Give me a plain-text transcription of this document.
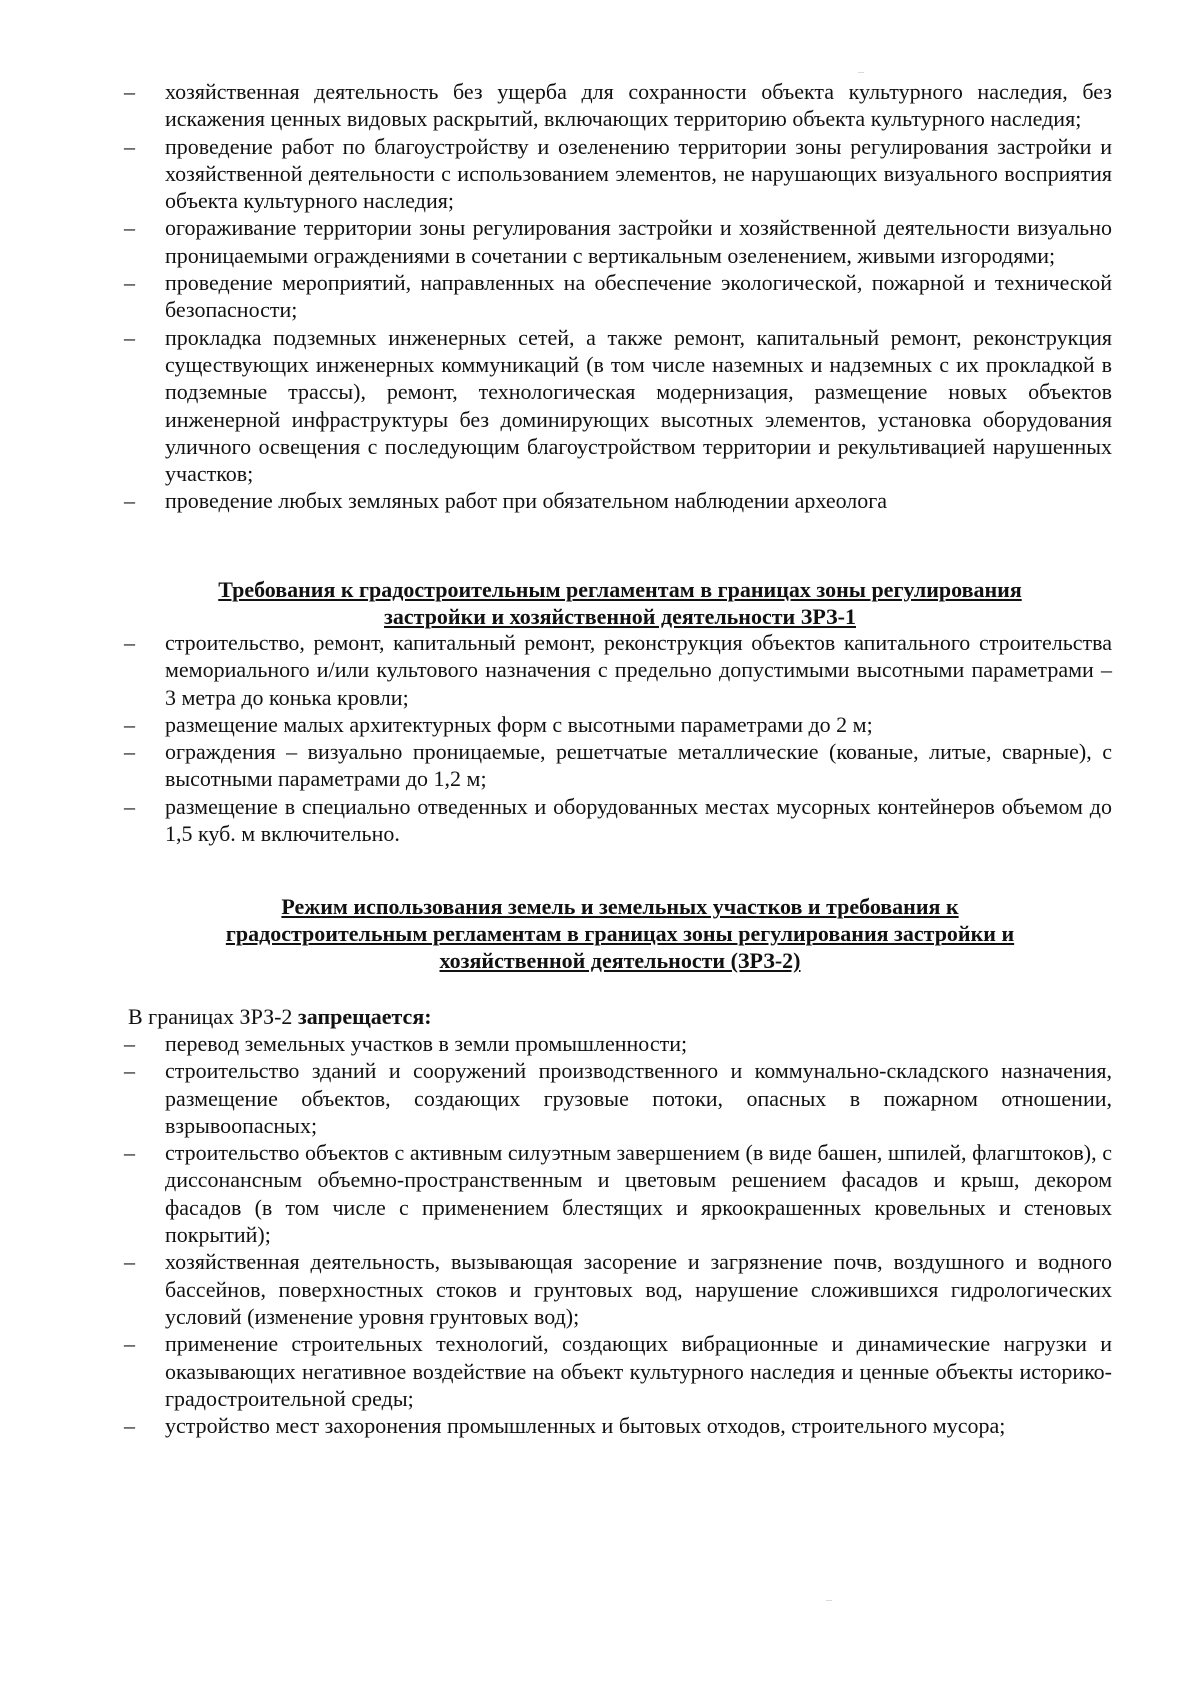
–	хозяйственная деятельность без ущерба для сохранности объекта культурного наследия, без искажения ценных видовых раскрытий, включающих территорию объекта культурного наследия;
–	проведение работ по благоустройству и озеленению территории зоны регулирования застройки и хозяйственной деятельности с использованием элементов, не нарушающих визуального восприятия объекта культурного наследия;
–	огораживание территории зоны регулирования застройки и хозяйственной деятельности визуально проницаемыми ограждениями в сочетании с вертикальным озеленением, живыми изгородями;
–	проведение мероприятий, направленных на обеспечение экологической, пожарной и технической безопасности;
–	прокладка подземных инженерных сетей, а также ремонт, капитальный ремонт, реконструкция существующих инженерных коммуникаций (в том числе наземных и надземных с их прокладкой в подземные трассы), ремонт, технологическая модернизация, размещение новых объектов инженерной инфраструктуры без доминирующих высотных элементов, установка оборудования уличного освещения с последующим благоустройством территории и рекультивацией нарушенных участков;
–	проведение любых земляных работ при обязательном наблюдении археолога
Требования к градостроительным регламентам в границах зоны регулирования
застройки и хозяйственной деятельности ЗРЗ-1
–	строительство, ремонт, капитальный ремонт, реконструкция объектов капитального строительства мемориального и/или культового назначения с предельно допустимыми высотными параметрами – 3 метра до конька кровли;
–	размещение малых архитектурных форм с высотными параметрами до 2 м;
–	ограждения – визуально проницаемые, решетчатые металлические (кованые, литые, сварные), с высотными параметрами до 1,2 м;
–	размещение в специально отведенных и оборудованных местах мусорных контейнеров объемом до 1,5 куб. м включительно.
Режим использования земель и земельных участков и требования к
градостроительным регламентам в границах зоны регулирования застройки и
хозяйственной деятельности (ЗРЗ-2)
В границах ЗРЗ-2 запрещается:
–	перевод земельных участков в земли промышленности;
–	строительство зданий и сооружений производственного и коммунально-складского назначения, размещение объектов, создающих грузовые потоки, опасных в пожарном отношении, взрывоопасных;
–	строительство объектов с активным силуэтным завершением (в виде башен, шпилей, флагштоков), с диссонансным объемно-пространственным и цветовым решением фасадов и крыш, декором фасадов (в том числе с применением блестящих и яркоокрашенных кровельных и стеновых покрытий);
–	хозяйственная деятельность, вызывающая засорение и загрязнение почв, воздушного и водного бассейнов, поверхностных стоков и грунтовых вод, нарушение сложившихся гидрологических условий (изменение уровня грунтовых вод);
–	применение строительных технологий, создающих вибрационные и динамические нагрузки и оказывающих негативное воздействие на объект культурного наследия и ценные объекты историко-градостроительной среды;
–	устройство мест захоронения промышленных и бытовых отходов, строительного мусора;
